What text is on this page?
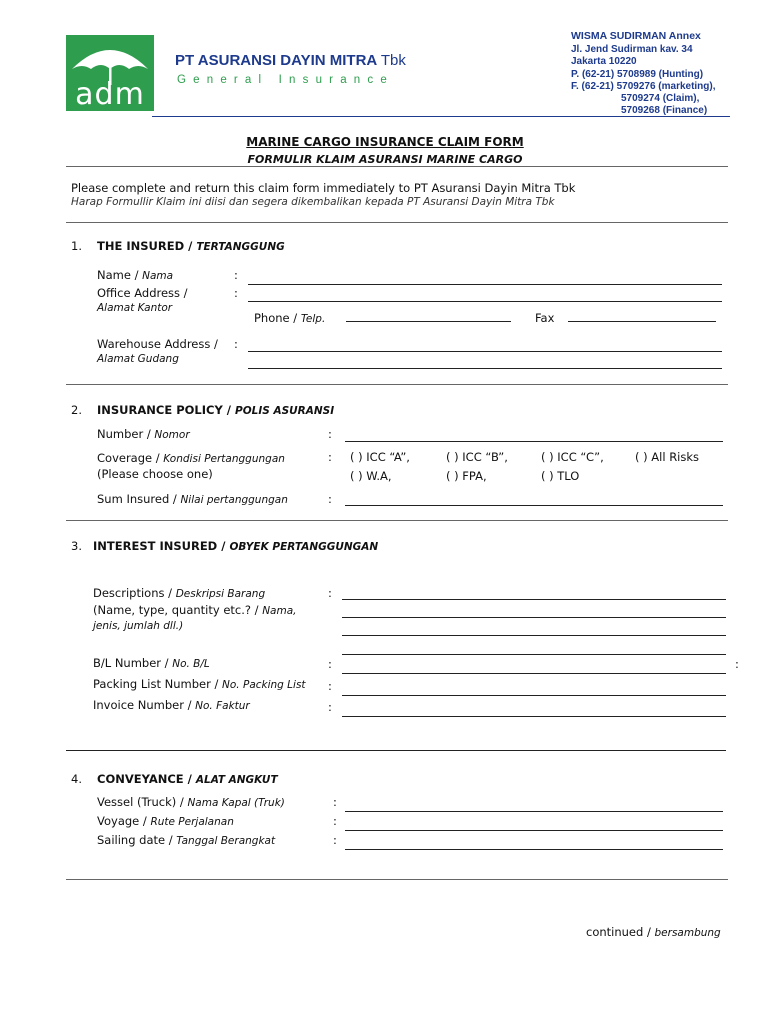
adm
PT ASURANSI DAYIN MITRA Tbk
G e n e r a l   I n s u r a n c e
WISMA SUDIRMAN Annex
Jl. Jend Sudirman kav. 34
Jakarta 10220
P. (62-21) 5708989 (Hunting)
F. (62-21) 5709276 (marketing),
5709274 (Claim),
5709268 (Finance)
MARINE CARGO INSURANCE CLAIM FORM
FORMULIR KLAIM ASURANSI MARINE CARGO
Please complete and return this claim form immediately to PT Asuransi Dayin Mitra Tbk
Harap Formullir Klaim ini diisi dan segera dikembalikan kepada PT Asuransi Dayin Mitra Tbk
1. THE INSURED / TERTANGGUNG
Name / Nama	:
Office Address /
Alamat Kantor
:
Phone / Telp.	Fax
Warehouse Address /
Alamat Gudang
:
2. INSURANCE POLICY / POLIS ASURANSI
Number / Nomor	:
Coverage / Kondisi Pertanggungan
(Please choose one)
: ( ) ICC “A”,	( ) ICC “B”,	( ) ICC “C”,	( ) All Risks
( ) W.A,	( ) FPA,	( ) TLO
Sum Insured / Nilai pertanggungan	:
3. INTEREST INSURED / OBYEK PERTANGGUNGAN
Descriptions / Deskripsi Barang
(Name, type, quantity etc.? / Nama,
jenis, jumlah dll.)
:
B/L Number / No. B/L	:	:
Packing List Number / No. Packing List :
Invoice Number / No. Faktur	:
4. CONVEYANCE / ALAT ANGKUT
Vessel (Truck) / Nama Kapal (Truk)	:
Voyage / Rute Perjalanan	:
Sailing date / Tanggal Berangkat	:
continued / bersambung
